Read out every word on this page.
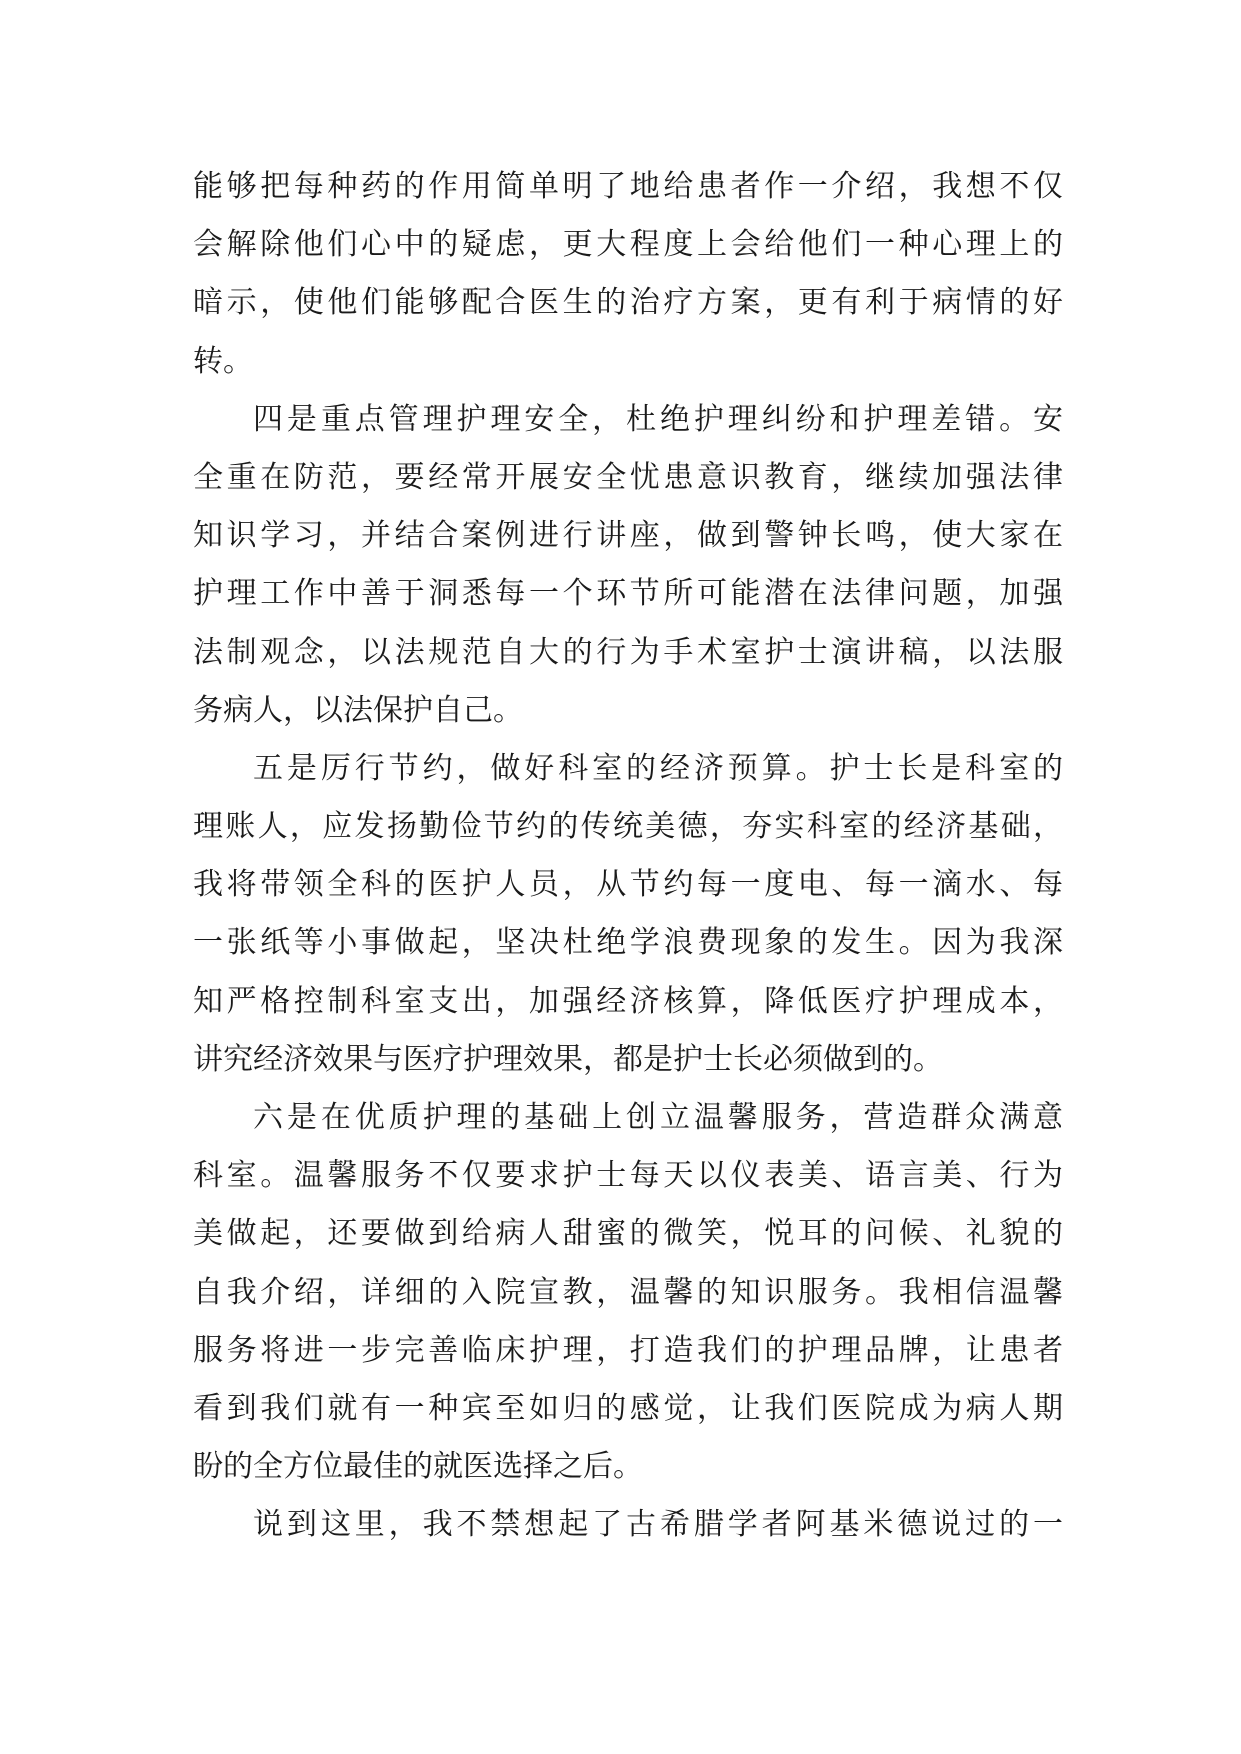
能够把每种药的作用简单明了地给患者作一介绍，我想不仅
会解除他们心中的疑虑，更大程度上会给他们一种心理上的
暗示，使他们能够配合医生的治疗方案，更有利于病情的好
转。
四是重点管理护理安全，杜绝护理纠纷和护理差错。安
全重在防范，要经常开展安全忧患意识教育，继续加强法律
知识学习，并结合案例进行讲座，做到警钟长鸣，使大家在
护理工作中善于洞悉每一个环节所可能潜在法律问题，加强
法制观念，以法规范自大的行为手术室护士演讲稿，以法服
务病人，以法保护自己。
五是厉行节约，做好科室的经济预算。护士长是科室的
理账人，应发扬勤俭节约的传统美德，夯实科室的经济基础，
我将带领全科的医护人员，从节约每一度电、每一滴水、每
一张纸等小事做起，坚决杜绝学浪费现象的发生。因为我深
知严格控制科室支出，加强经济核算，降低医疗护理成本，
讲究经济效果与医疗护理效果，都是护士长必须做到的。
六是在优质护理的基础上创立温馨服务，营造群众满意
科室。温馨服务不仅要求护士每天以仪表美、语言美、行为
美做起，还要做到给病人甜蜜的微笑，悦耳的问候、礼貌的
自我介绍，详细的入院宣教，温馨的知识服务。我相信温馨
服务将进一步完善临床护理，打造我们的护理品牌，让患者
看到我们就有一种宾至如归的感觉，让我们医院成为病人期
盼的全方位最佳的就医选择之后。
说到这里，我不禁想起了古希腊学者阿基米德说过的一
